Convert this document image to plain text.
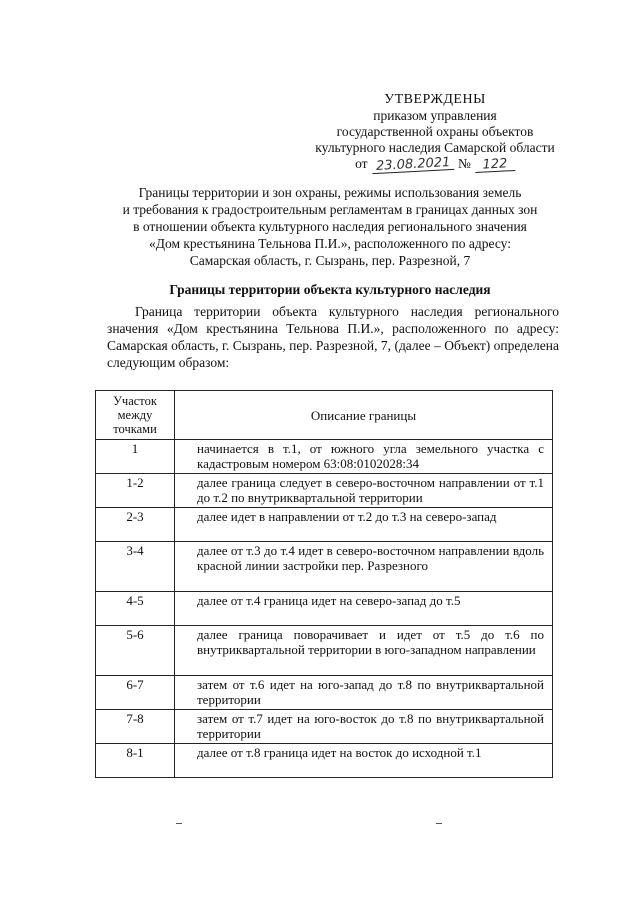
УТВЕРЖДЕНЫ
приказом управления
государственной охраны объектов
культурного наследия Самарской области
от 23.08.2021 № 122
Границы территории и зон охраны, режимы использования земель
и требования к градостроительным регламентам в границах данных зон
в отношении объекта культурного наследия регионального значения
«Дом крестьянина Тельнова П.И.», расположенного по адресу:
Самарская область, г. Сызрань, пер. Разрезной, 7
Границы территории объекта культурного наследия
Граница территории объекта культурного наследия регионального значения «Дом крестьянина Тельнова П.И.», расположенного по адресу: Самарская область, г. Сызрань, пер. Разрезной, 7, (далее – Объект) определена следующим образом:
Участок между точками	Описание границы
1	начинается в т.1, от южного угла земельного участка с кадастровым номером 63:08:0102028:34
1-2	далее граница следует в северо-восточном направлении от т.1 до т.2 по внутриквартальной территории
2-3	далее идет в направлении от т.2 до т.3 на северо-запад
3-4	далее от т.3 до т.4 идет в северо-восточном направлении вдоль красной линии застройки пер. Разрезного
4-5	далее от т.4 граница идет на северо-запад до т.5
5-6	далее граница поворачивает и идет от т.5 до т.6 по внутриквартальной территории в юго-западном направлении
6-7	затем от т.6 идет на юго-запад до т.8 по внутриквартальной территории
7-8	затем от т.7 идет на юго-восток до т.8 по внутриквартальной территории
8-1	далее от т.8 граница идет на восток до исходной т.1
